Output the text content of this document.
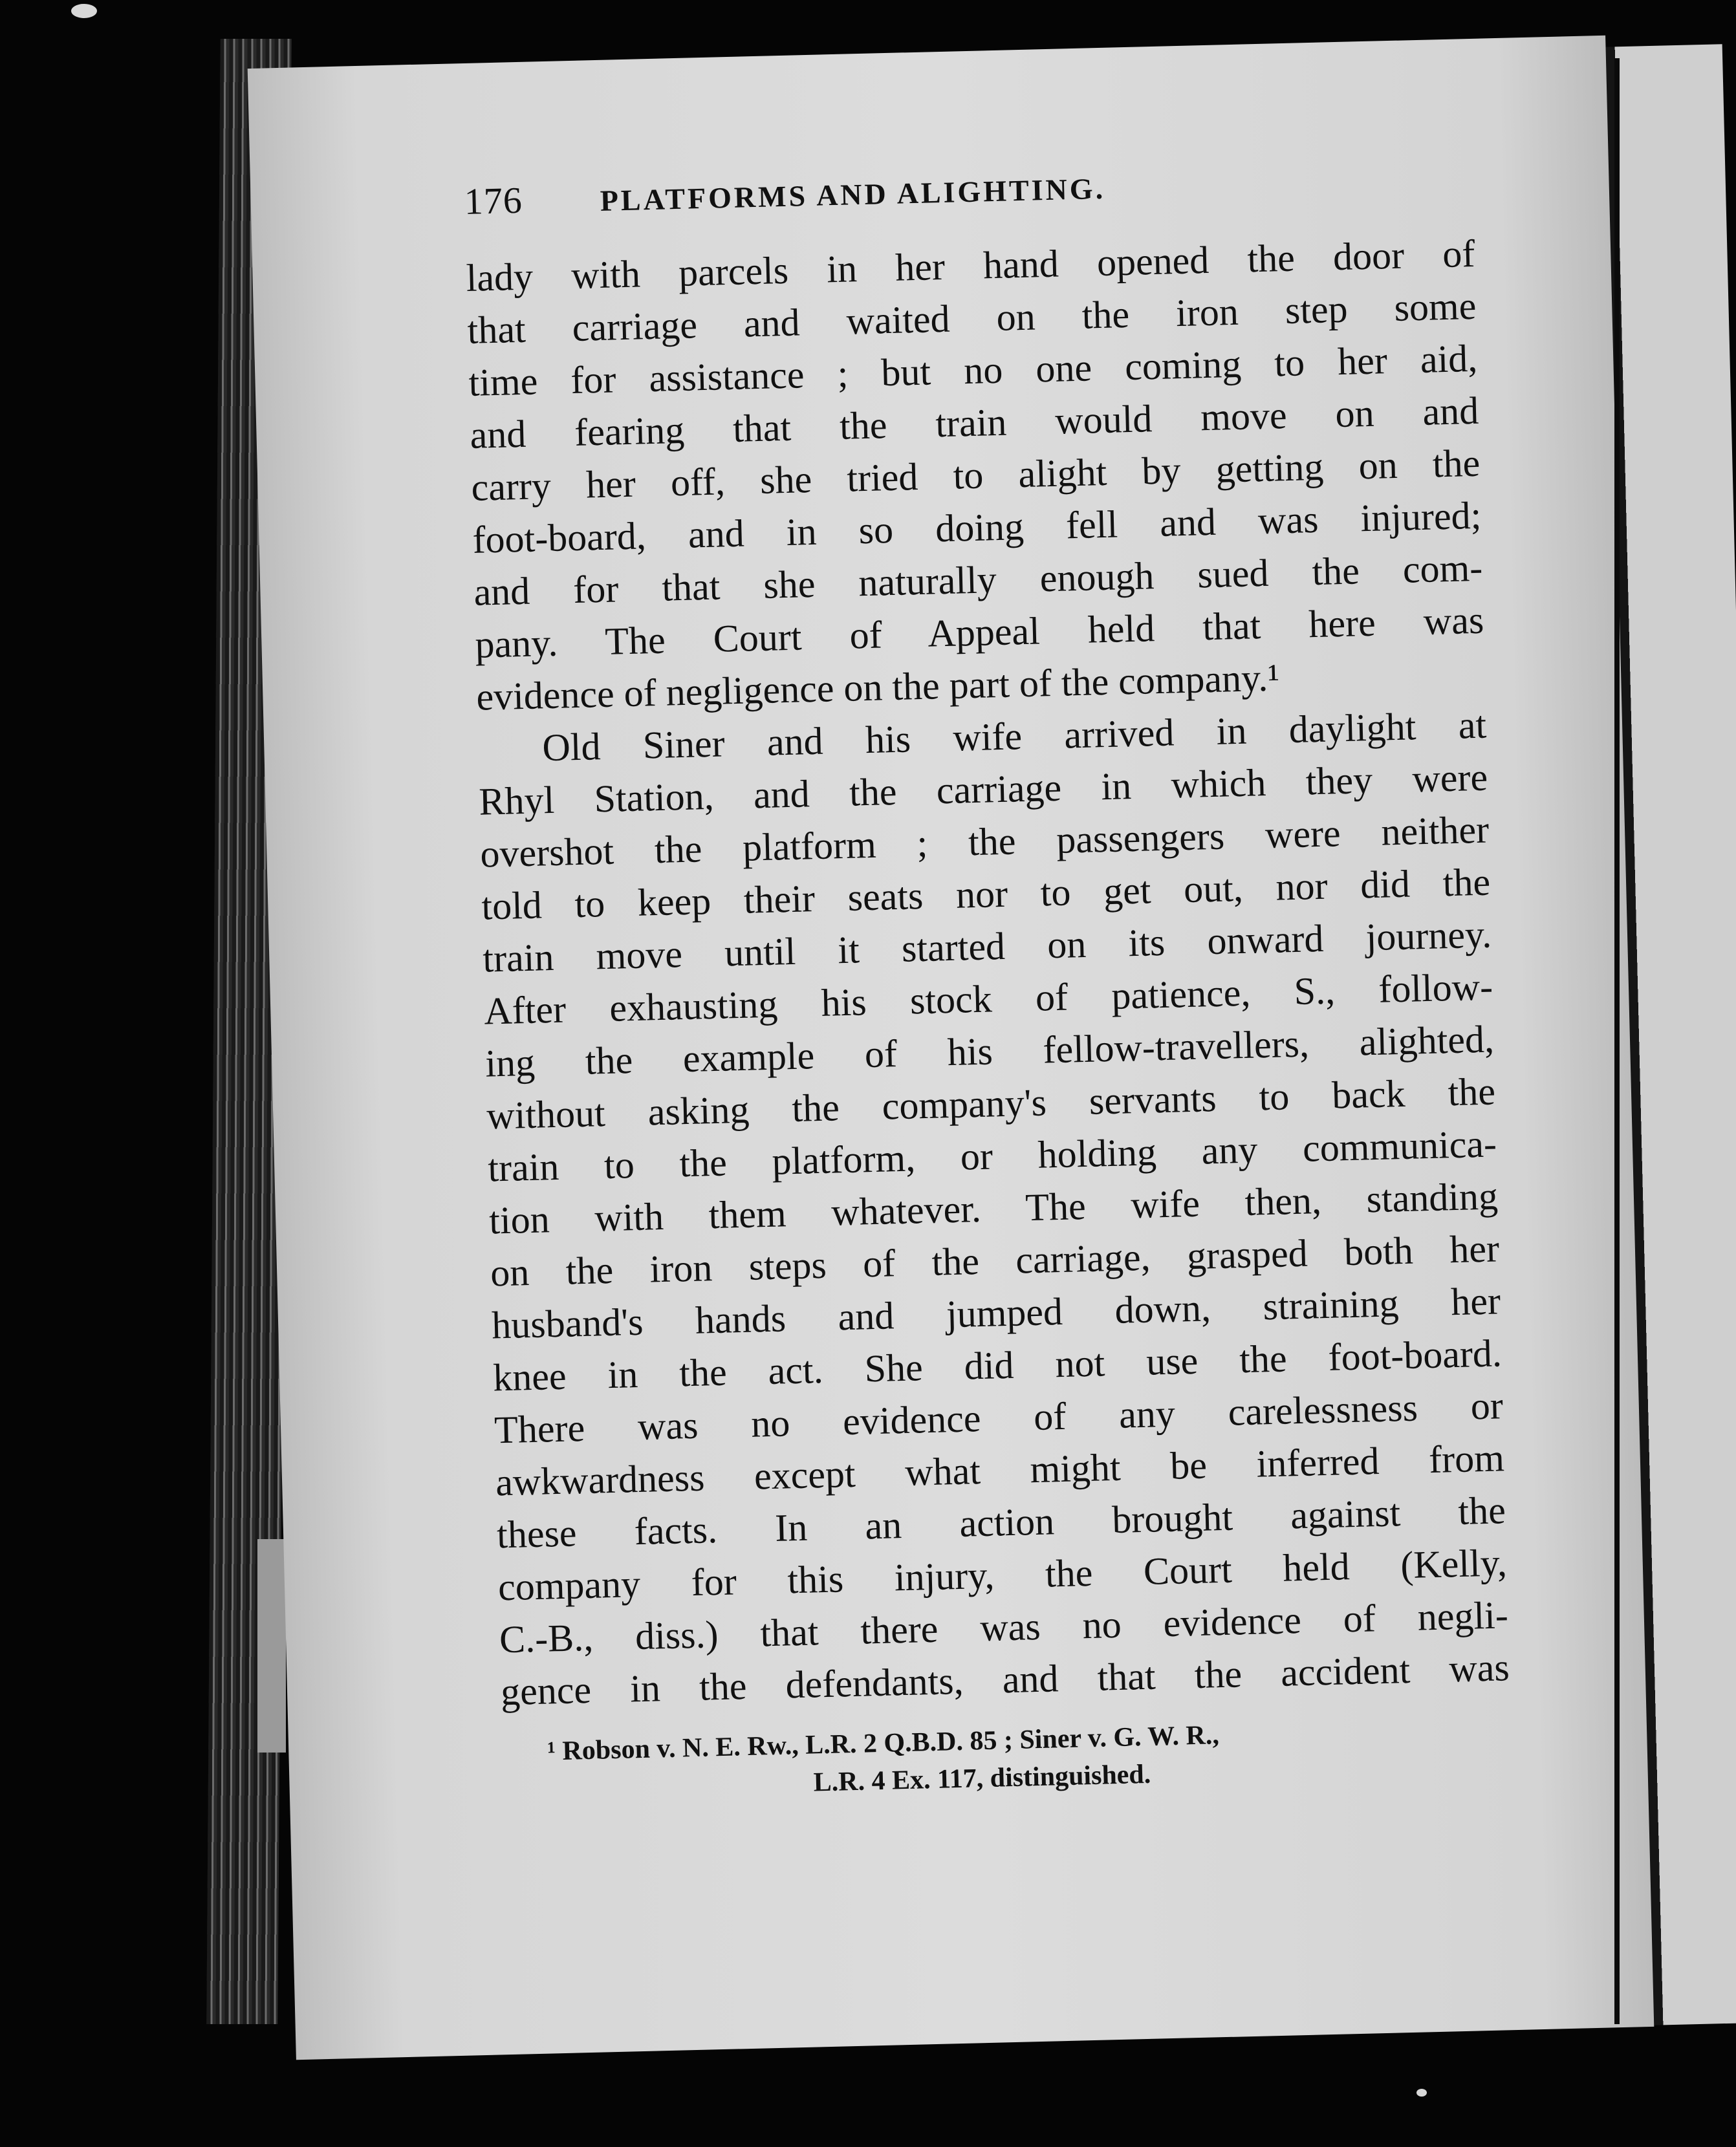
176	PLATFORMS AND ALIGHTING.
lady with parcels in her hand opened the door of
that carriage and waited on the iron step some
time for assistance ; but no one coming to her aid,
and fearing that the train would move on and
carry her off, she tried to alight by getting on the
foot-board, and in so doing fell and was injured;
and for that she naturally enough sued the com-
pany. The Court of Appeal held that here was
evidence of negligence on the part of the company.¹
Old Siner and his wife arrived in daylight at
Rhyl Station, and the carriage in which they were
overshot the platform ; the passengers were neither
told to keep their seats nor to get out, nor did the
train move until it started on its onward journey.
After exhausting his stock of patience, S., follow-
ing the example of his fellow-travellers, alighted,
without asking the company's servants to back the
train to the platform, or holding any communica-
tion with them whatever. The wife then, standing
on the iron steps of the carriage, grasped both her
husband's hands and jumped down, straining her
knee in the act. She did not use the foot-board.
There was no evidence of any carelessness or
awkwardness except what might be inferred from
these facts. In an action brought against the
company for this injury, the Court held (Kelly,
C.-B., diss.) that there was no evidence of negli-
gence in the defendants, and that the accident was
¹ Robson v. N. E. Rw., L.R. 2 Q.B.D. 85 ; Siner v. G. W. R.,
L.R. 4 Ex. 117, distinguished.
